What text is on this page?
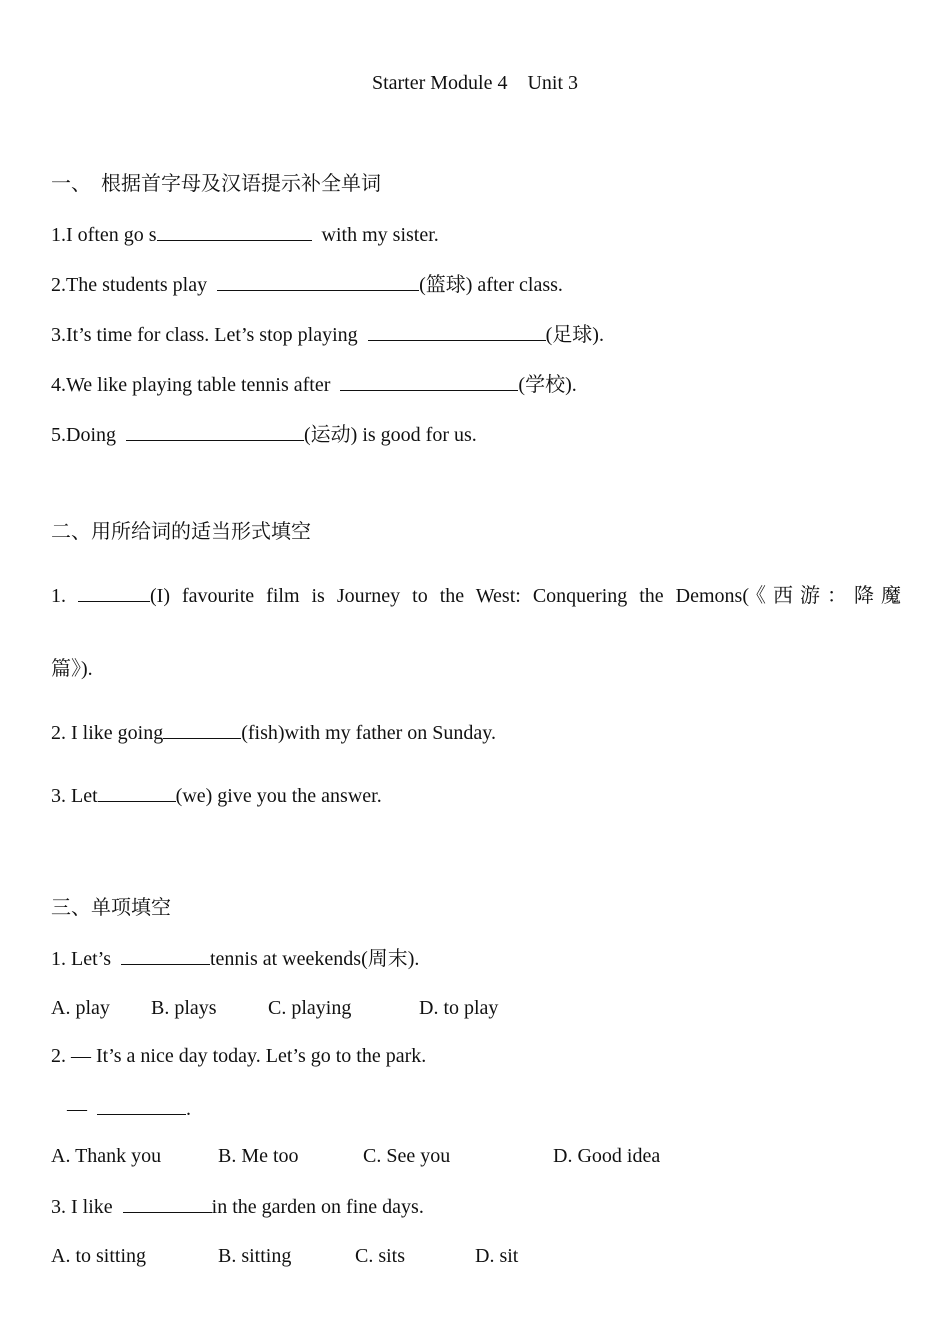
Starter Module 4    Unit 3
一、  根据首字母及汉语提示补全单词
1.I often go s	with my sister.
2.The students play	(篮球) after class.
3.It’s time for class. Let’s stop playing	(足球).
4.We like playing table tennis after	(学校).
5.Doing	(运动) is good for us.
二、用所给词的适当形式填空
1.	(I) favourite film is Journey to the West: Conquering the Demons(《西游：降魔
篇》).
2. I like going	(fish)with my father on Sunday.
3. Let	(we) give you the answer.
三、单项填空
1. Let’s	tennis at weekends(周末).
A. play B. plays	C. playing	D. to play
2. — It’s a nice day today. Let’s go to the park.
—	.
A. Thank you	B. Me too	C. See you	D. Good idea
3. I like	in the garden on fine days.
A. to sitting	B. sitting	C. sits	D. sit
